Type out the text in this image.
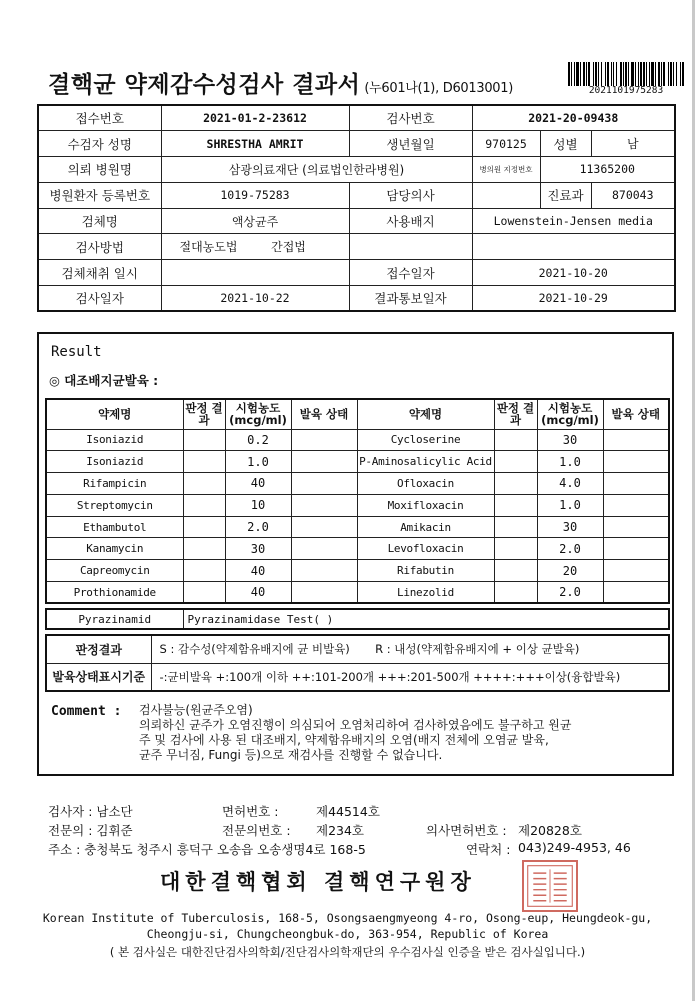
결핵균 약제감수성검사 결과서 (누601나(1), D6013001)	2021101975283
접수번호	2021-01-2-23612	검사번호	2021-20-09438		
수검자 성명	SHRESTHA AMRIT	생년월일	970125	성별	남
의뢰 병원명	삼광의료재단 (의료법인한라병원)		병의원 지정번호	11365200	
병원환자 등록번호	1019-75283	담당의사		진료과	870043
검체명	액상균주	사용배지	Lowenstein-Jensen media		
검사방법	절대농도법 간접법				
검체채취 일시		접수일자	2021-10-20		
검사일자	2021-10-22	결과통보일자	2021-10-29		
Result
◎ 대조배지균발육 :
약제명	판정 결과	시험농도 (mcg/ml)	발육 상태	약제명	판정 결과	시험농도 (mcg/ml)	발육 상태
Isoniazid		0.2		Cycloserine		30	
Isoniazid		1.0		P-Aminosalicylic Acid		1.0	
Rifampicin		40		Ofloxacin		4.0	
Streptomycin		10		Moxifloxacin		1.0	
Ethambutol		2.0		Amikacin		30	
Kanamycin		30		Levofloxacin		2.0	
Capreomycin		40		Rifabutin		20	
Prothionamide		40		Linezolid		2.0	
Pyrazinamid	Pyrazinamidase Test( )
판정결과	S : 감수성(약제함유배지에 균 비발육) R : 내성(약제함유배지에 + 이상 균발육)
발육상태표시기준	-:균비발육 +:100개 이하 ++:101-200개 +++:201-500개 ++++:+++이상(융합발육)
Comment : 검사불능(원균주오염)
의뢰하신 균주가 오염진행이 의심되어 오염처리하여 검사하였음에도 불구하고 원균
주 및 검사에 사용 된 대조배지, 약제함유배지의 오염(배지 전체에 오염균 발육,
균주 무너짐, Fungi 등)으로 재검사를 진행할 수 없습니다.
검사자 : 남소단	면허번호 :	제44514호
전문의 : 김휘준	전문의번호 : 제234호	의사면허번호 : 제20828호
주소 : 충청북도 청주시 흥덕구 오송읍 오송생명4로 168-5	연락처 : 043)249-4953, 46
대한결핵협회 결핵연구원장
Korean Institute of Tuberculosis, 168-5, Osongsaengmyeong 4-ro, Osong-eup, Heungdeok-gu,
Cheongju-si, Chungcheongbuk-do, 363-954, Republic of Korea
( 본 검사실은 대한진단검사의학회/진단검사의학재단의 우수검사실 인증을 받은 검사실입니다.)
